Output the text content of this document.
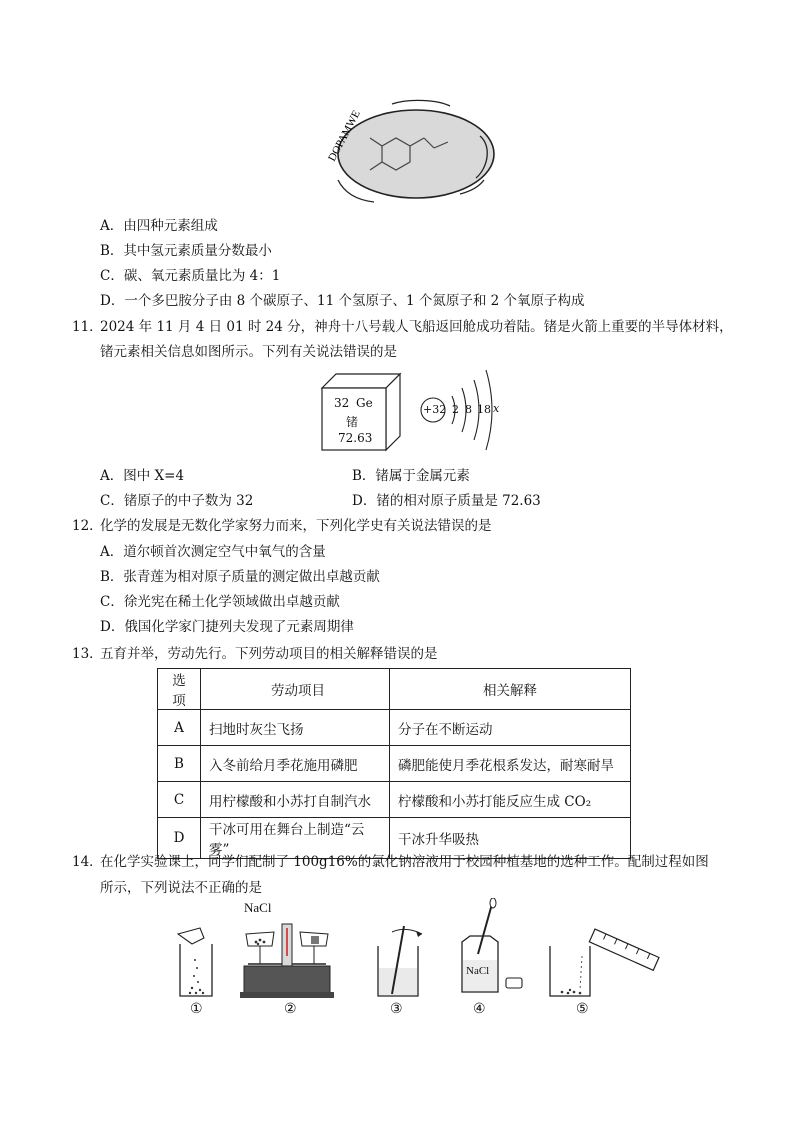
DOPAMWE
A．由四种元素组成
B．其中氢元素质量分数最小
C．碳、氧元素质量比为 4：1
D．一个多巴胺分子由 8 个碳原子、11 个氢原子、1 个氮原子和 2 个氧原子构成
11．
2024 年 11 月 4 日 01 时 24 分，神舟十八号载人飞船返回舱成功着陆。锗是火箭上重要的半导体材料，
锗元素相关信息如图所示。下列有关说法错误的是
32 Ge
锗
72.63
+32 2 8 18 x
A．图中 X=4	B．锗属于金属元素
C．锗原子的中子数为 32	D．锗的相对原子质量是 72.63
12．
化学的发展是无数化学家努力而来，下列化学史有关说法错误的是
A．道尔顿首次测定空气中氧气的含量
B．张青莲为相对原子质量的测定做出卓越贡献
C．徐光宪在稀土化学领域做出卓越贡献
D．俄国化学家门捷列夫发现了元素周期律
13．
五育并举，劳动先行。下列劳动项目的相关解释错误的是
选项	劳动项目	相关解释
A	扫地时灰尘飞扬	分子在不断运动
B	入冬前给月季花施用磷肥	磷肥能使月季花根系发达，耐寒耐旱
C	用柠檬酸和小苏打自制汽水	柠檬酸和小苏打能反应生成 CO₂
D	干冰可用在舞台上制造“云雾”	干冰升华吸热
14．
在化学实验课上，同学们配制了 100g16%的氯化钠溶液用于校园种植基地的选种工作。配制过程如图
所示，下列说法不正确的是
NaCl
NaCl
①	②	③	④	⑤
